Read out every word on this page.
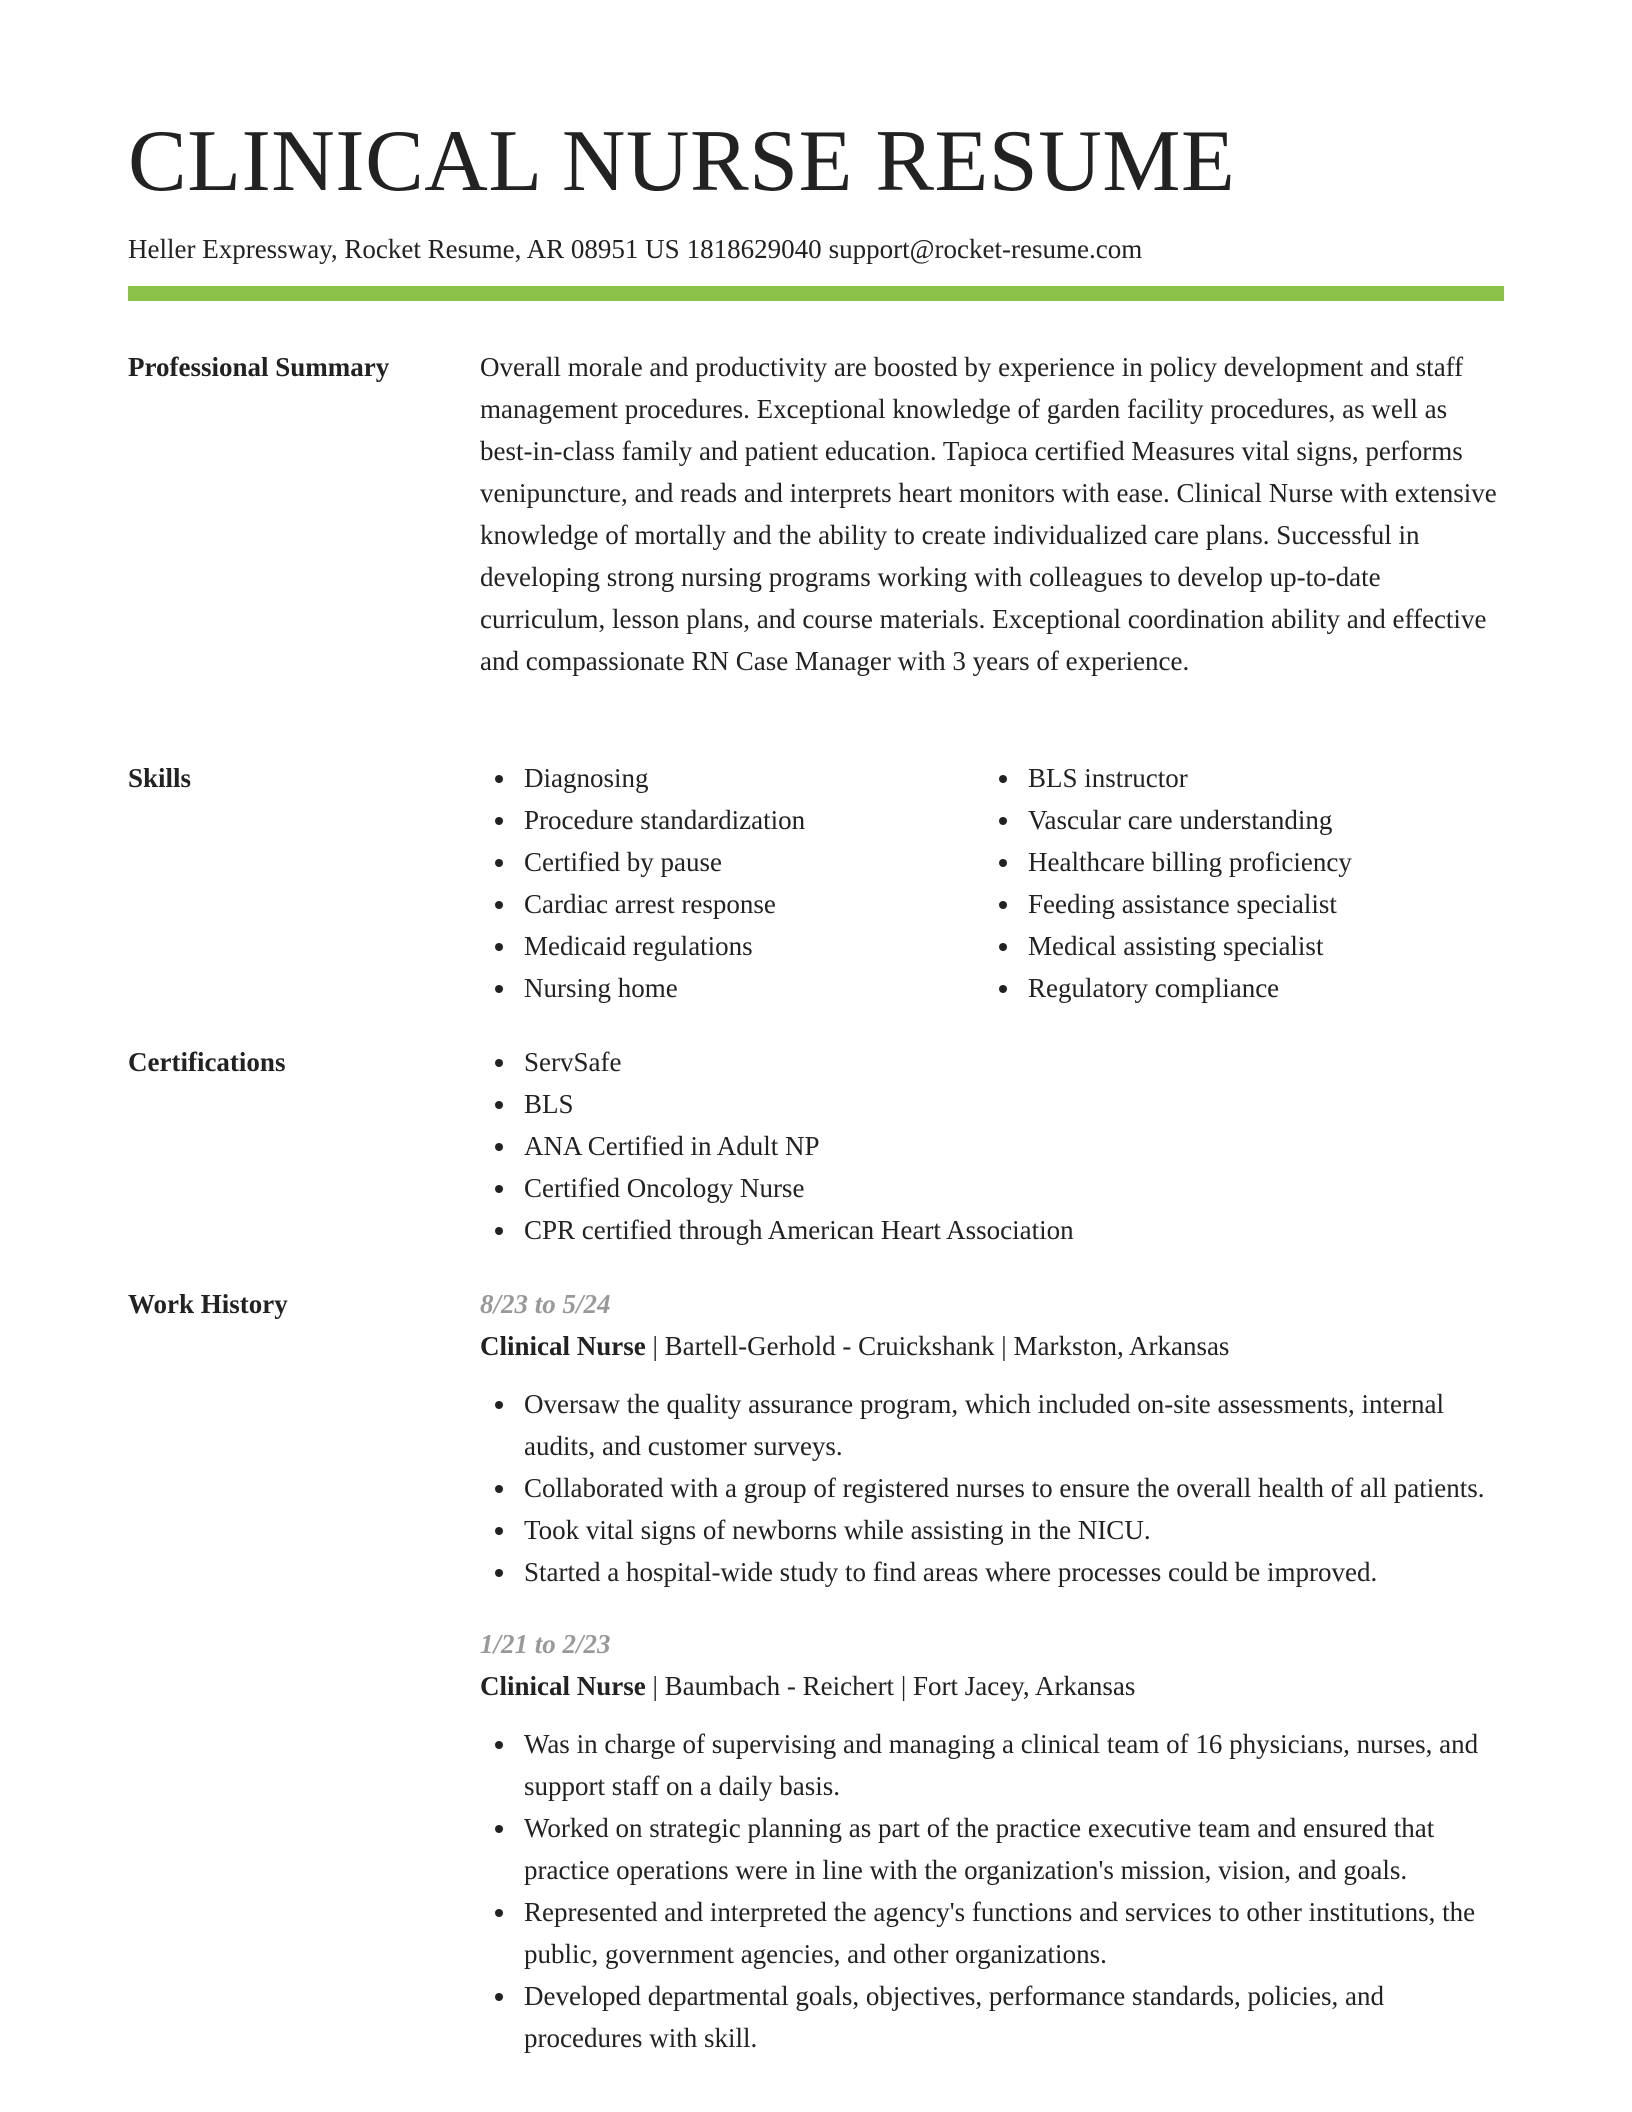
CLINICAL NURSE RESUME
Heller Expressway, Rocket Resume, AR 08951 US 1818629040 support@rocket-resume.com
Professional Summary	Overall morale and productivity are boosted by experience in policy development and staff management procedures. Exceptional knowledge of garden facility procedures, as well as best-in-class family and patient education. Tapioca certified Measures vital signs, performs venipuncture, and reads and interprets heart monitors with ease. Clinical Nurse with extensive knowledge of mortally and the ability to create individualized care plans. Successful in developing strong nursing programs working with colleagues to develop up-to-date curriculum, lesson plans, and course materials. Exceptional coordination ability and effective and compassionate RN Case Manager with 3 years of experience.

Skills	Diagnosing
Procedure standardization
Certified by pause
Cardiac arrest response
Medicaid regulations
Nursing home
BLS instructor
Vascular care understanding
Healthcare billing proficiency
Feeding assistance specialist
Medical assisting specialist
Regulatory compliance
Certifications	ServSafe
BLS
ANA Certified in Adult NP
Certified Oncology Nurse
CPR certified through American Heart Association
Work History	8/23 to 5/24
Clinical Nurse | Bartell-Gerhold - Cruickshank | Markston, Arkansas
Oversaw the quality assurance program, which included on-site assessments, internal audits, and customer surveys.
Collaborated with a group of registered nurses to ensure the overall health of all patients.
Took vital signs of newborns while assisting in the NICU.
Started a hospital-wide study to find areas where processes could be improved.
1/21 to 2/23
Clinical Nurse | Baumbach - Reichert | Fort Jacey, Arkansas
Was in charge of supervising and managing a clinical team of 16 physicians, nurses, and support staff on a daily basis.
Worked on strategic planning as part of the practice executive team and ensured that practice operations were in line with the organization's mission, vision, and goals.
Represented and interpreted the agency's functions and services to other institutions, the public, government agencies, and other organizations.
Developed departmental goals, objectives, performance standards, policies, and procedures with skill.
